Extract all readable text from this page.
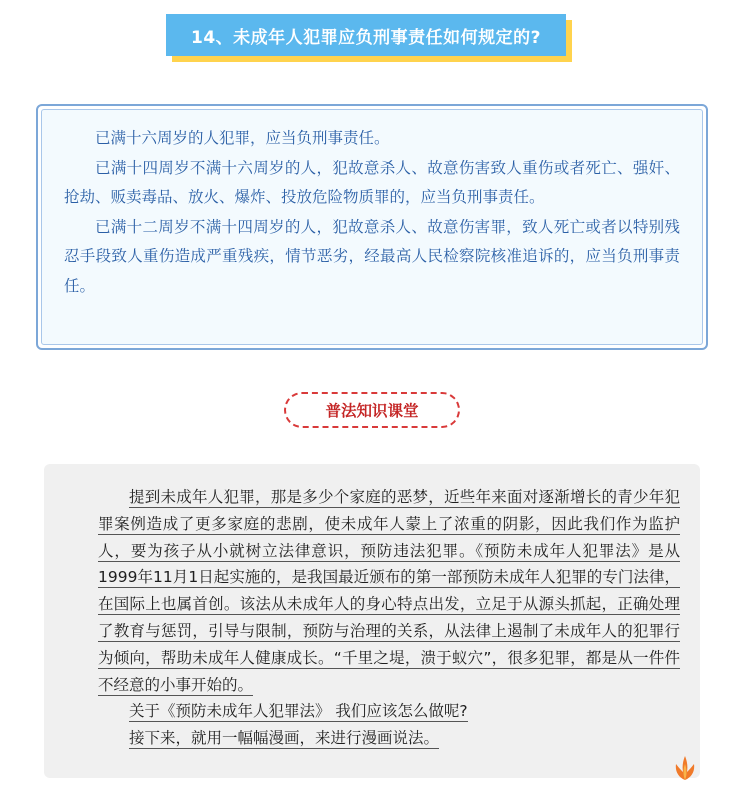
14、未成年人犯罪应负刑事责任如何规定的?

已满十六周岁的人犯罪，应当负刑事责任。

已满十四周岁不满十六周岁的人，犯故意杀人、故意伤害致人重伤或者死亡、强奸、抢劫、贩卖毒品、放火、爆炸、投放危险物质罪的，应当负刑事责任。

已满十二周岁不满十四周岁的人，犯故意杀人、故意伤害罪，致人死亡或者以特别残忍手段致人重伤造成严重残疾，情节恶劣，经最高人民检察院核准追诉的，应当负刑事责任。

普法知识课堂

提到未成年人犯罪，那是多少个家庭的恶梦，近些年来面对逐渐增长的青少年犯罪案例造成了更多家庭的悲剧，使未成年人蒙上了浓重的阴影，因此我们作为监护人，要为孩子从小就树立法律意识，预防违法犯罪。《预防未成年人犯罪法》是从1999年11月1日起实施的，是我国最近颁布的第一部预防未成年人犯罪的专门法律，在国际上也属首创。该法从未成年人的身心特点出发，立足于从源头抓起，正确处理了教育与惩罚，引导与限制，预防与治理的关系，从法律上遏制了未成年人的犯罪行为倾向，帮助未成年人健康成长。“千里之堤，溃于蚁穴”，很多犯罪，都是从一件件不经意的小事开始的。

关于《预防未成年人犯罪法》 我们应该怎么做呢?

接下来，就用一幅幅漫画，来进行漫画说法。
